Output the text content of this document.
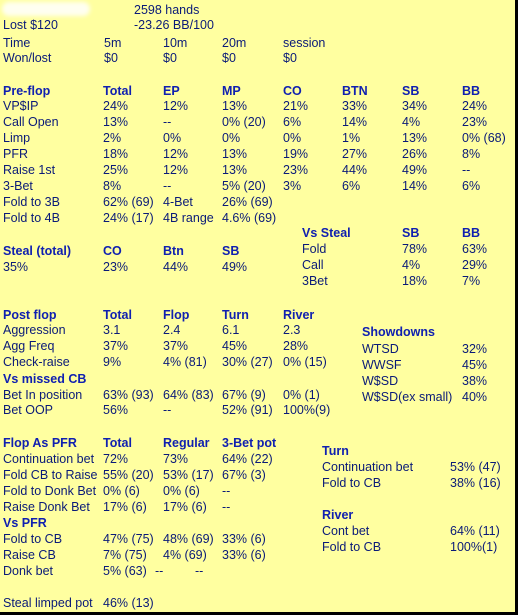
2598 hands
Lost $120	-23.26 BB/100
Time	5m	10m	20m	session
Won/lost	$0	$0	$0	$0
Pre-flop	Total EP	MP	CO	BTN	SB	BB
VP$IP	24%	12%	13%	21%	33%	34%	24%
Call Open	13%	--	0% (20) 6%	14%	4%	23%
Limp	2%	0%	0%	0%	1%	13%	0% (68)
PFR	18%	12%	13%	19%	27%	26%	8%
Raise 1st	25%	12%	13%	23%	44%	49%	--
3-Bet	8%	--	5% (20) 3%	6%	14%	6%
Fold to 3B	62% (69) 4-Bet 26% (69)
Fold to 4B	24% (17) 4B range 4.6% (69)
Vs Steal	SB	BB
Fold	78%	63%
Call	4%	29%
3Bet	18%	7%
Steal (total)	CO	Btn	SB
35%	23%	44%	49%
Post flop	Total Flop	Turn	River
Aggression	3.1	2.4	6.1	2.3
Agg Freq	37%	37%	45%	28%
Check-raise	9%	4% (81) 30% (27) 0% (15)
Vs missed CB
Bet In position 63% (93) 64% (83) 67% (9) 0% (1)
Bet OOP	56%	--	52% (91) 100%(9)
Showdowns
WTSD	32%
WWSF	45%
W$SD	38%
W$SD(ex small) 40%
Flop As PFR Total Regular 3-Bet pot
Continuation bet 72%	73%	64% (22)
Fold CB to Raise 55% (20) 53% (17) 67% (3)
Fold to Donk Bet 0% (6) 0% (6) --
Raise Donk Bet 17% (6) 17% (6) --
Vs PFR
Fold to CB	47% (75) 48% (69) 33% (6)
Raise CB	7% (75) 4% (69) 33% (6)
Donk bet	5% (63) --	--
Steal limped pot 46% (13)
Turn
Continuation bet	53% (47)
Fold to CB	38% (16)
River
Cont bet	64% (11)
Fold to CB	100%(1)
